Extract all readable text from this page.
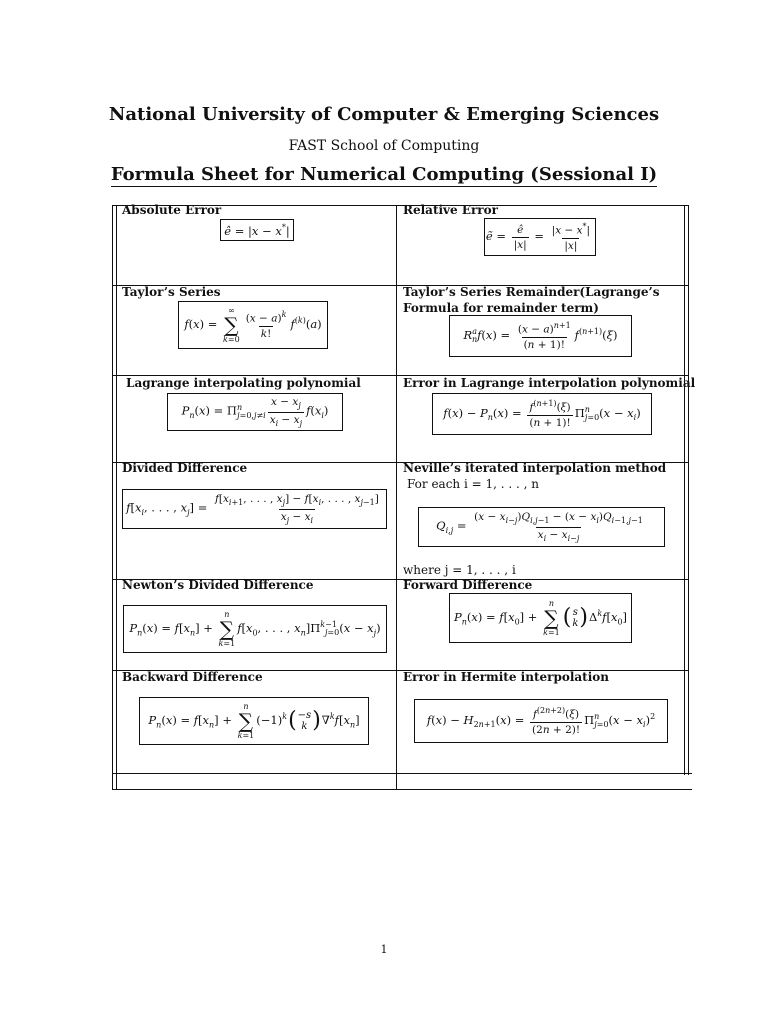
National University of Computer & Emerging Sciences
FAST School of Computing
Formula Sheet for Numerical Computing (Sessional I)
Absolute Error
ê = |x − x*|
Relative Error
ẽ = $\frac{ê}{|x|} = \frac{|x - x^*|}{|x|}$
Taylor’s Series
f(x) =
∞
∑
$k=0 \frac{(x - a)^k}{k!} f^{(k)}(a)$
Taylor’s Series Remainder(Lagrange’s
Formula for remainder term)
$R^a_nf(x) = \frac{(x - a)^{n+1}}{(n + 1)!} f^{(n+1)}(\xi)$
Lagrange interpolating polynomial
$P_n(x) = \Pi^n_{j=0,j\ne i} \frac{x - x_j}{x_i - x_j} f(x_i)$
Error in Lagrange interpolation polynomial
$f(x) - P_n(x) = \frac{f^{(n+1)}(\xi)}{(n + 1)!} \Pi^n_{j=0}(x - x_i)$
Divided Difference
$f[x_i$, . . . , $x_j] = \frac{f[x_{i+1}, . . . , x_j] - f[x_i, . . . , x_{j-1}]}{x_j - x_i}$
Neville’s iterated interpolation method
For each i = 1, . . . , n
$Q_{i,j} = \frac{(x - x_{i-j})Q_{i,j-1} - (x - x_i)Q_{i-1,j-1}}{x_i - x_{i-j}}$
where j = 1, . . . , i
Newton’s Divided Difference
$P_n(x) = f[x_n]$ +
n
∑
k=1
$f[x_0$, . . . , $x_n]\Pi^{k-1}_{j=0}(x - x_j)$
Forward Difference
$P_n(x) = f[x_0]$ +
n
∑
k=1
( s
k ) $\Delta^kf[x_0]$
Backward Difference
$P_n(x) = f[x_n]$ +
n
∑
k=1
$(-1)^k$ ( −s
k ) $\nabla^kf[x_n]$
Error in Hermite interpolation
$f(x) - H_{2n+1}(x) = \frac{f^{(2n+2)}(\xi)}{(2n + 2)!} \Pi^n_{j=0}(x - x_i)^2$
1
